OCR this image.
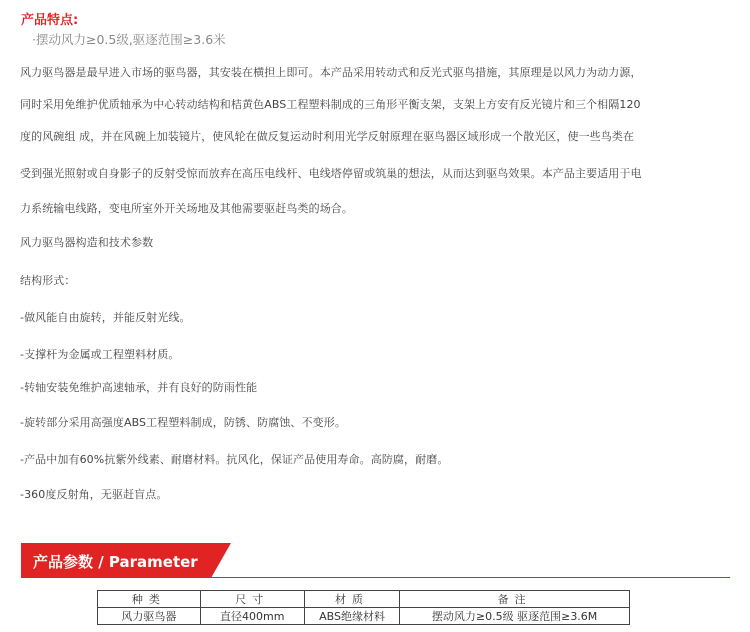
产品特点:
·摆动风力≥0.5级,驱逐范围≥3.6米
风力驱鸟器是最早进入市场的驱鸟器，其安装在横担上即可。本产品采用转动式和反光式驱鸟措施，其原理是以风力为动力源，
同时采用免维护优质轴承为中心转动结构和桔黄色ABS工程塑料制成的三角形平衡支架，支架上方安有反光镜片和三个相隔120
度的风碗组 成，并在风碗上加装镜片，使风轮在做反复运动时利用光学反射原理在驱鸟器区域形成一个散光区，使一些鸟类在
受到强光照射或自身影子的反射受惊而放弃在高压电线杆、电线塔停留或筑巢的想法，从而达到驱鸟效果。本产品主要适用于电
力系统输电线路，变电所室外开关场地及其他需要驱赶鸟类的场合。
风力驱鸟器构造和技术参数
结构形式：
-做风能自由旋转，并能反射光线。
-支撑杆为金属或工程塑料材质。
-转轴安装免维护高速轴承，并有良好的防雨性能
-旋转部分采用高强度ABS工程塑料制成，防锈、防腐蚀、不变形。
-产品中加有60%抗紫外线素、耐磨材料。抗风化，保证产品使用寿命。高防腐，耐磨。
-360度反射角，无驱赶盲点。
产品参数 / Parameter
种类	尺寸	材质	备注
风力驱鸟器	直径400mm	ABS绝缘材料	摆动风力≥0.5级 驱逐范围≥3.6M
